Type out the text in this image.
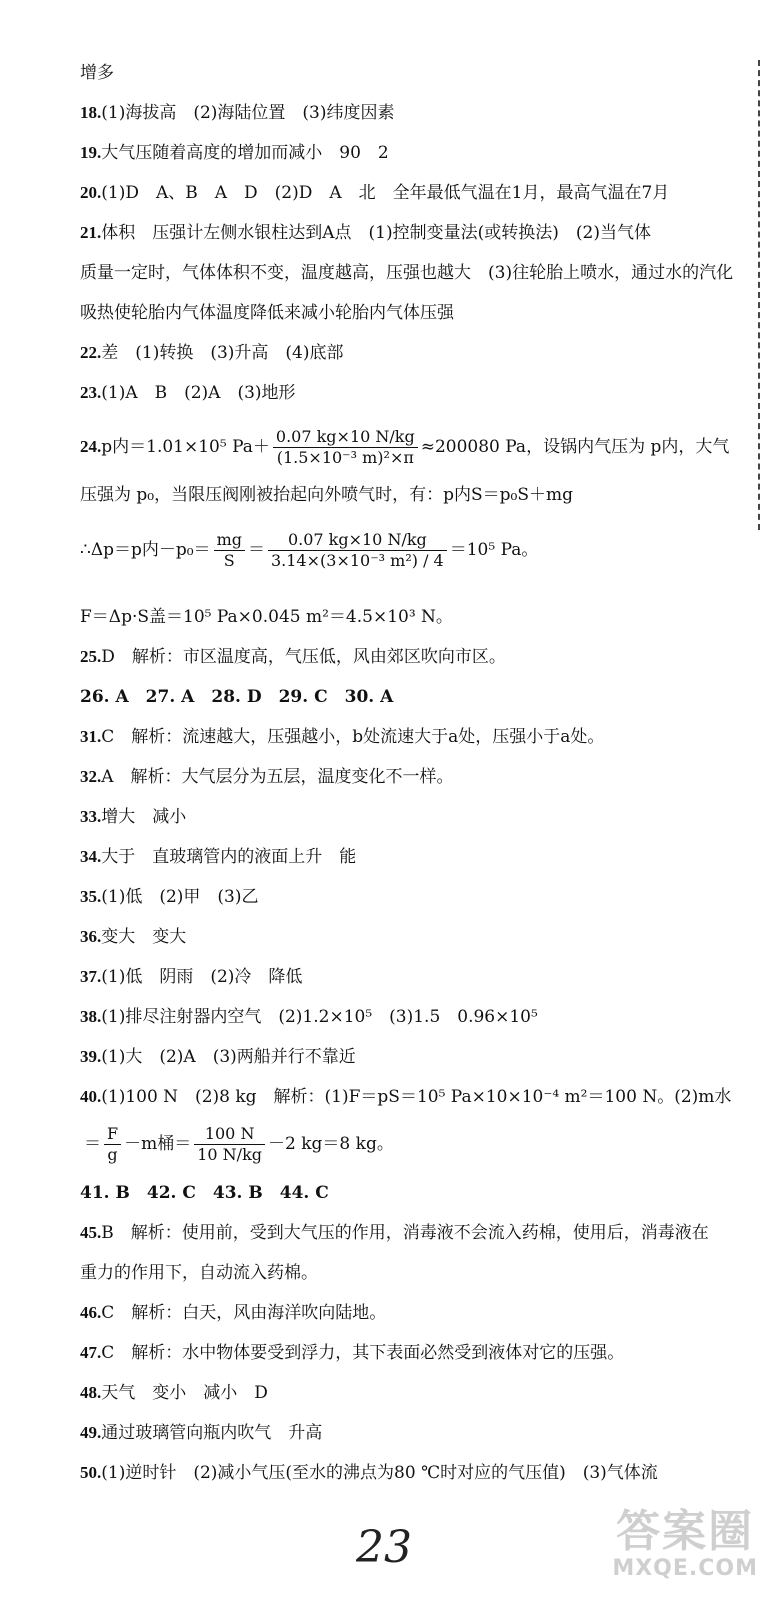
增多
18.(1)海拔高　(2)海陆位置　(3)纬度因素
19.大气压随着高度的增加而减小　90　2
20.(1)D　A、B　A　D　(2)D　A　北　全年最低气温在1月，最高气温在7月
21.体积　压强计左侧水银柱达到A点　(1)控制变量法(或转换法)　(2)当气体
质量一定时，气体体积不变，温度越高，压强也越大　(3)往轮胎上喷水，通过水的汽化
吸热使轮胎内气体温度降低来减小轮胎内气体压强
22.差　(1)转换　(3)升高　(4)底部
23.(1)A　B　(2)A　(3)地形
24.p内＝1.01×10⁵ $Pa+ \frac{0.07 kg\times 10 N/kg}{\text{(1.5×10⁻³ m)²×π}} \approx 200080$ Pa，设锅内气压为 p内，大气
压强为 p₀，当限压阀刚被抬起向外喷气时，有：p内S＝p₀S＋mg
∴Δp＝p内$-p_0= \frac{mg}{S} = \frac{0.07 kg\times 10 N/kg}{\text{3.14×(3×10⁻³ m²) / 4}} =10^5$ Pa。
F＝Δp·S盖＝10⁵ Pa×0.045 m²＝4.5×10³ N。
25.D　解析：市区温度高，气压低，风由郊区吹向市区。
26. A　27. A　28. D　29. C　30. A
31.C　解析：流速越大，压强越小，b处流速大于a处，压强小于a处。
32.A　解析：大气层分为五层，温度变化不一样。
33.增大　减小
34.大于　直玻璃管内的液面上升　能
35.(1)低　(2)甲　(3)乙
36.变大　变大
37.(1)低　阴雨　(2)冷　降低
38.(1)排尽注射器内空气　(2)1.2×10⁵　(3)1.5　0.96×10⁵
39.(1)大　(2)A　(3)两船并行不靠近
40.(1)100 N　(2)8 kg　解析：(1)F＝pS＝10⁵ Pa×10×10⁻⁴ m²＝100 N。(2)m水
＝ $\frac{F}{g} -m$桶＝ $\frac{100 N}{10 N/kg} -2$ kg＝8 kg。
41. B　42. C　43. B　44. C
45.B　解析：使用前，受到大气压的作用，消毒液不会流入药棉，使用后，消毒液在
重力的作用下，自动流入药棉。
46.C　解析：白天，风由海洋吹向陆地。
47.C　解析：水中物体要受到浮力，其下表面必然受到液体对它的压强。
48.天气　变小　减小　D
49.通过玻璃管向瓶内吹气　升高
50.(1)逆时针　(2)减小气压(至水的沸点为80 ℃时对应的气压值)　(3)气体流
23	答案圈
MXQE.COM
